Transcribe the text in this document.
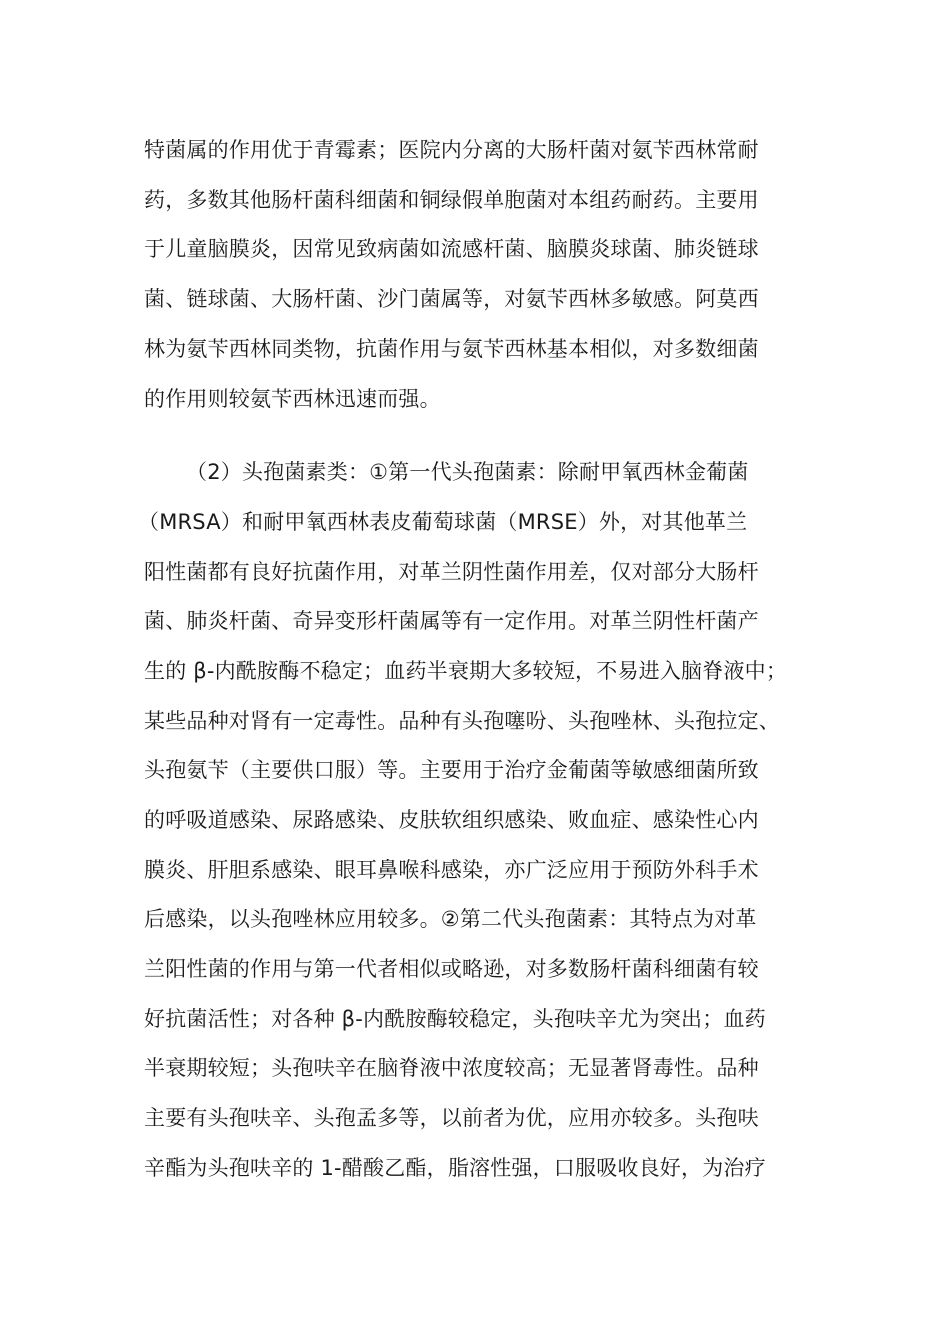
特菌属的作用优于青霉素；医院内分离的大肠杆菌对氨苄西林常耐

药，多数其他肠杆菌科细菌和铜绿假单胞菌对本组药耐药。主要用

于儿童脑膜炎，因常见致病菌如流感杆菌、脑膜炎球菌、肺炎链球

菌、链球菌、大肠杆菌、沙门菌属等，对氨苄西林多敏感。阿莫西

林为氨苄西林同类物，抗菌作用与氨苄西林基本相似，对多数细菌

的作用则较氨苄西林迅速而强。

（2）头孢菌素类：①第一代头孢菌素：除耐甲氧西林金葡菌

（MRSA）和耐甲氧西林表皮葡萄球菌（MRSE）外，对其他革兰

阳性菌都有良好抗菌作用，对革兰阴性菌作用差，仅对部分大肠杆

菌、肺炎杆菌、奇异变形杆菌属等有一定作用。对革兰阴性杆菌产

生的 β-内酰胺酶不稳定；血药半衰期大多较短，不易进入脑脊液中；

某些品种对肾有一定毒性。品种有头孢噻吩、头孢唑林、头孢拉定、

头孢氨苄（主要供口服）等。主要用于治疗金葡菌等敏感细菌所致

的呼吸道感染、尿路感染、皮肤软组织感染、败血症、感染性心内

膜炎、肝胆系感染、眼耳鼻喉科感染，亦广泛应用于预防外科手术

后感染，以头孢唑林应用较多。②第二代头孢菌素：其特点为对革

兰阳性菌的作用与第一代者相似或略逊，对多数肠杆菌科细菌有较

好抗菌活性；对各种 β-内酰胺酶较稳定，头孢呋辛尤为突出；血药

半衰期较短；头孢呋辛在脑脊液中浓度较高；无显著肾毒性。品种

主要有头孢呋辛、头孢孟多等，以前者为优，应用亦较多。头孢呋

辛酯为头孢呋辛的 1-醋酸乙酯，脂溶性强，口服吸收良好，为治疗
